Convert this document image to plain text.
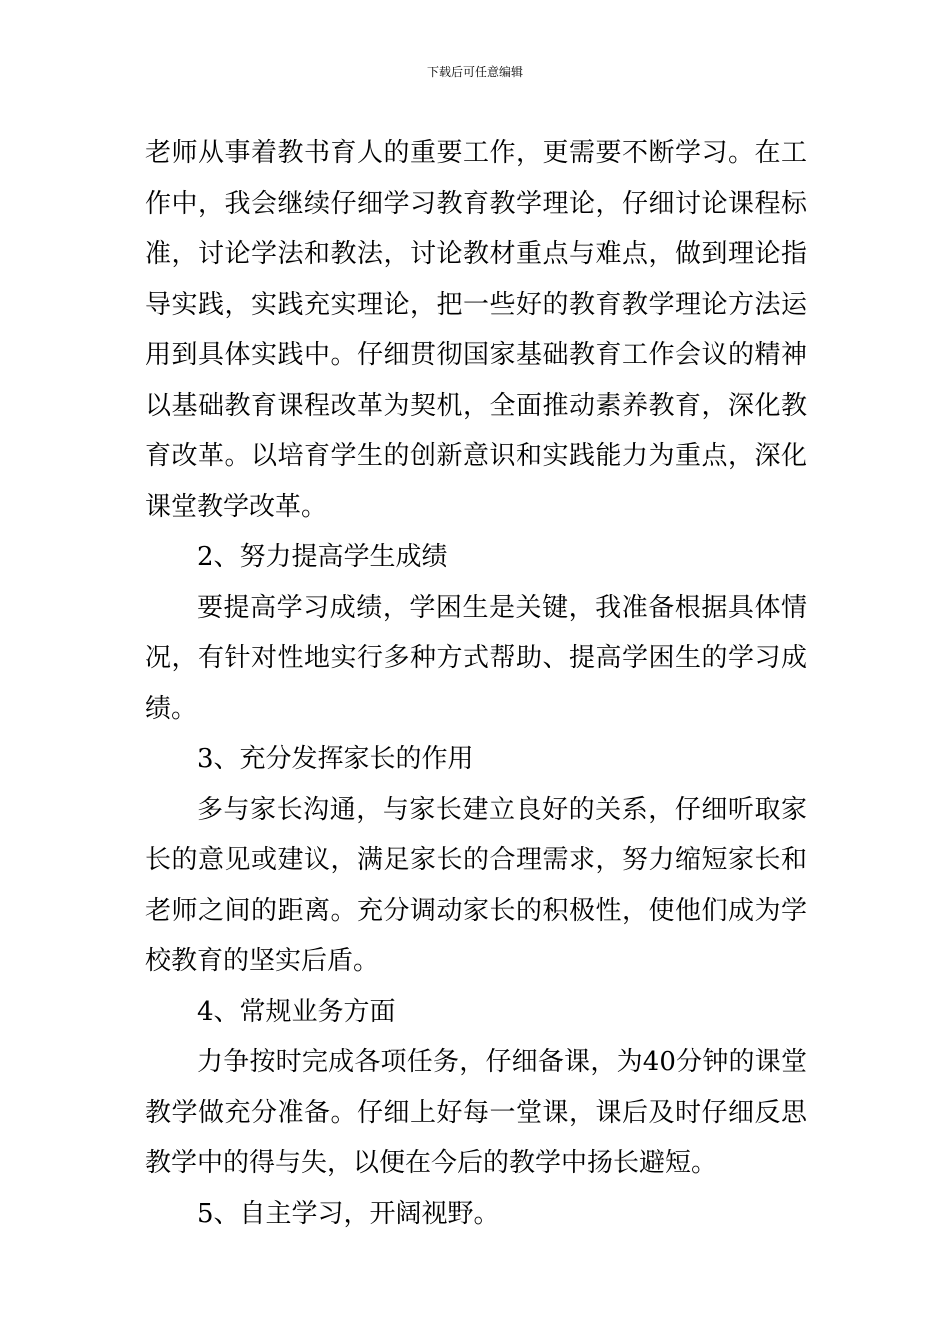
下载后可任意编辑

老师从事着教书育人的重要工作，更需要不断学习。在工作中，我会继续仔细学习教育教学理论，仔细讨论课程标准，讨论学法和教法，讨论教材重点与难点，做到理论指导实践，实践充实理论，把一些好的教育教学理论方法运用到具体实践中。仔细贯彻国家基础教育工作会议的精神以基础教育课程改革为契机，全面推动素养教育，深化教育改革。以培育学生的创新意识和实践能力为重点，深化课堂教学改革。

2、努力提高学生成绩

要提高学习成绩，学困生是关键，我准备根据具体情况，有针对性地实行多种方式帮助、提高学困生的学习成绩。

3、充分发挥家长的作用

多与家长沟通，与家长建立良好的关系，仔细听取家长的意见或建议，满足家长的合理需求，努力缩短家长和老师之间的距离。充分调动家长的积极性，使他们成为学校教育的坚实后盾。

4、常规业务方面

力争按时完成各项任务，仔细备课，为40分钟的课堂教学做充分准备。仔细上好每一堂课，课后及时仔细反思教学中的得与失，以便在今后的教学中扬长避短。

5、自主学习，开阔视野。
